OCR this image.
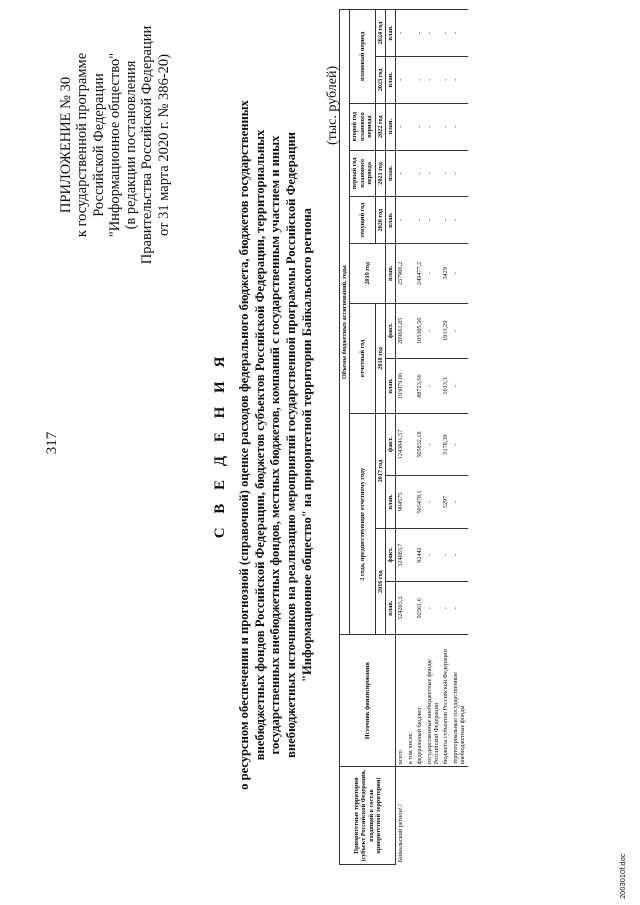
317
ПРИЛОЖЕНИЕ № 30 к государственной программе Российской Федерации "Информационное общество" (в редакции постановления Правительства Российской Федерации от 31 марта 2020 г. № 386-20)
С В Е Д Е Н И Я о ресурсном обеспечении и прогнозной (справочной) оценке расходов федерального бюджета, бюджетов государственных внебюджетных фондов Российской Федерации, бюджетов субъектов Российской Федерации, территориальных государственных внебюджетных фондов, местных бюджетов, компаний с государственным участием и иных внебюджетных источников на реализацию мероприятий государственной программы Российской Федерации "Информационное общество" на приоритетной территории Байкальского региона
(тыс. рублей)
Приоритетные территории (субъект Российской Федерации, входящий в состав приоритетной территории)	Источник финансирования	Объемы бюджетных ассигнований, годы											
		2 года, предшествующие отчетному году				отчетный год		2019 год	текущий год	первый год планового периода	второй год планового периода	плановый период	
		2016 год		2017 год		2018 год			2020 год	2021 год	2022 год	2023 год	2024 год
		план.	факт.	план.	факт.	план.	факт.	план.	план.	план.	план.	план.	план.
Байкальский регион¹,²	всего	324203,3	324083,7	904575	1243841,57	193079,86	209661,85	257906,2	-	-	-	-	-
	в том числе:												
	федеральный бюджет	92561,6	92442	505478,1	505832,18	88723,56	105305,56	249477,2	-	-	-	-	-
	государственные внебюджетные фонды Российской Федерации	-	-	-	-	-	-	-	-	-	-	-	-
	бюджеты субъектов Российской Федерации	-	-	5297	5178,39	1013,3	1013,29	3429	-	-	-	-	-
	территориальные государственные внебюджетные фонды	-	-	-	-	-	-	-	-	-	-	-	-
2003010f.doc
